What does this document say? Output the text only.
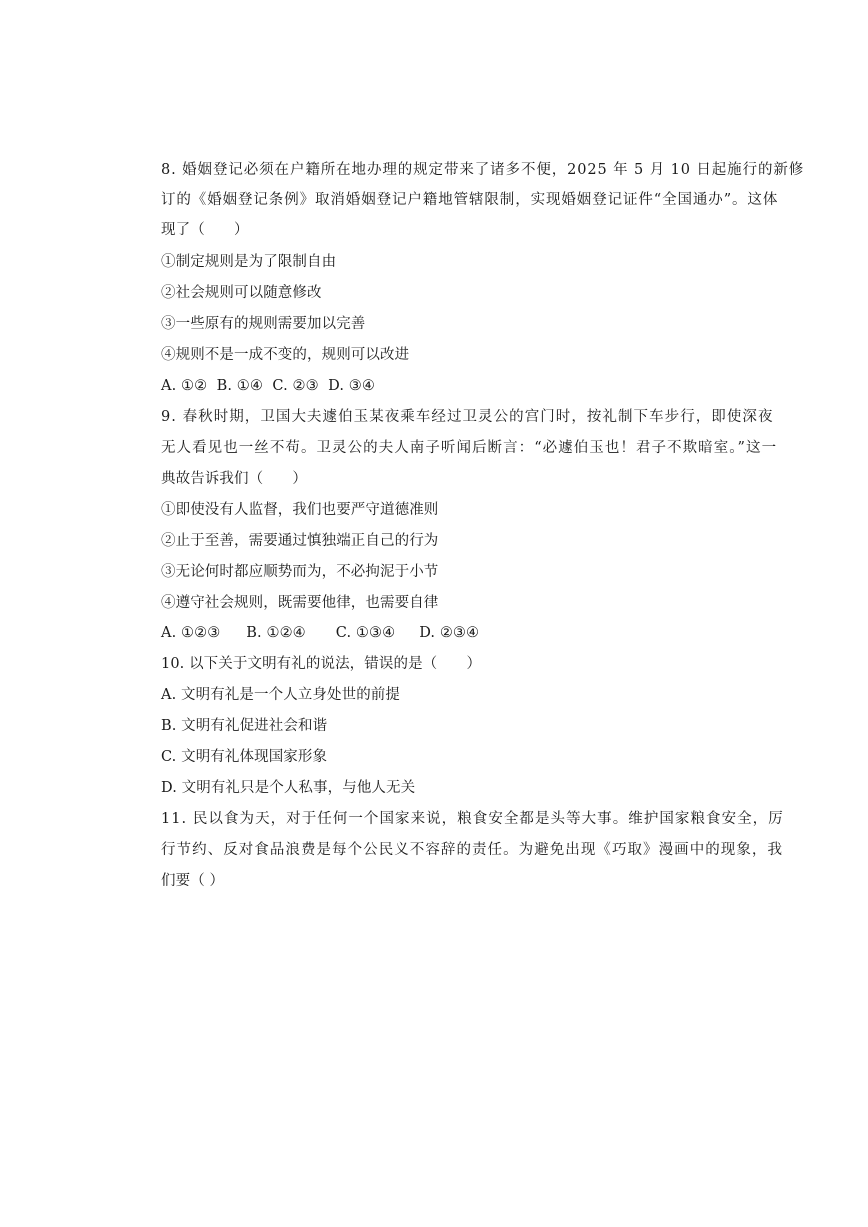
8. 婚姻登记必须在户籍所在地办理的规定带来了诸多不便，2025 年 5 月 10 日起施行的新修
订的《婚姻登记条例》取消婚姻登记户籍地管辖限制，实现婚姻登记证件“全国通办”。这体
现了（　　）
①制定规则是为了限制自由
②社会规则可以随意修改
③一些原有的规则需要加以完善
④规则不是一成不变的，规则可以改进
A. ①②  B. ①④  C. ②③  D. ③④
9. 春秋时期，卫国大夫遽伯玉某夜乘车经过卫灵公的宫门时，按礼制下车步行，即使深夜
无人看见也一丝不苟。卫灵公的夫人南子听闻后断言：“必遽伯玉也！君子不欺暗室。”这一
典故告诉我们（　　）
①即使没有人监督，我们也要严守道德准则
②止于至善，需要通过慎独端正自己的行为
③无论何时都应顺势而为，不必拘泥于小节
④遵守社会规则，既需要他律，也需要自律
A. ①②③ B. ①②④ C. ①③④ D. ②③④
10. 以下关于文明有礼的说法，错误的是（　　）
A. 文明有礼是一个人立身处世的前提
B. 文明有礼促进社会和谐
C. 文明有礼体现国家形象
D. 文明有礼只是个人私事，与他人无关
11. 民以食为天，对于任何一个国家来说，粮食安全都是头等大事。维护国家粮食安全，厉
行节约、反对食品浪费是每个公民义不容辞的责任。为避免出现《巧取》漫画中的现象，我
们要（ ）
